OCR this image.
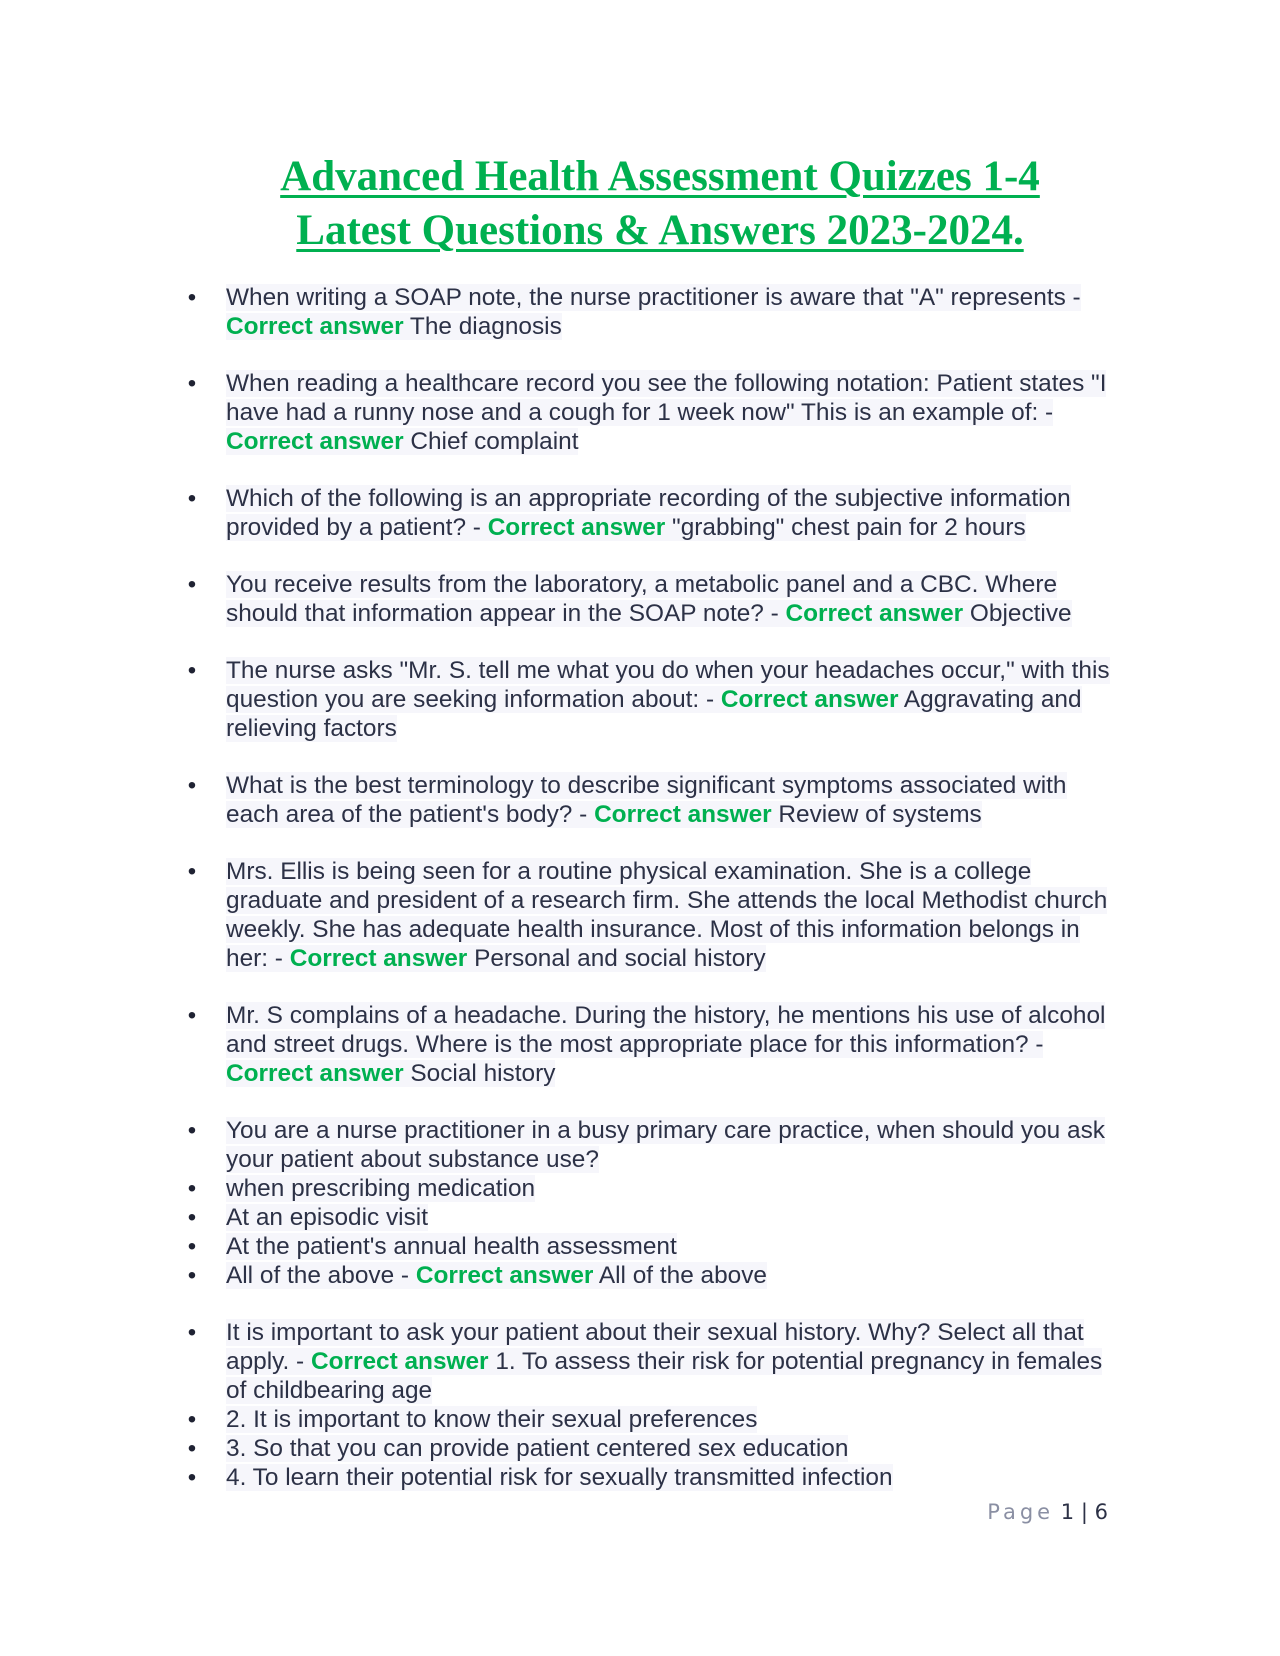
Advanced Health Assessment Quizzes 1-4
Latest Questions & Answers 2023-2024.
• When writing a SOAP note, the nurse practitioner is aware that "A" represents - Correct answer The diagnosis
• When reading a healthcare record you see the following notation: Patient states "I have had a runny nose and a cough for 1 week now" This is an example of: - Correct answer Chief complaint
• Which of the following is an appropriate recording of the subjective information provided by a patient? - Correct answer "grabbing" chest pain for 2 hours
• You receive results from the laboratory, a metabolic panel and a CBC. Where should that information appear in the SOAP note? - Correct answer Objective
• The nurse asks "Mr. S. tell me what you do when your headaches occur," with this question you are seeking information about: - Correct answer Aggravating and relieving factors
• What is the best terminology to describe significant symptoms associated with each area of the patient's body? - Correct answer Review of systems
• Mrs. Ellis is being seen for a routine physical examination. She is a college graduate and president of a research firm. She attends the local Methodist church weekly. She has adequate health insurance. Most of this information belongs in her: - Correct answer Personal and social history
• Mr. S complains of a headache. During the history, he mentions his use of alcohol and street drugs. Where is the most appropriate place for this information? - Correct answer Social history
• You are a nurse practitioner in a busy primary care practice, when should you ask your patient about substance use?
• when prescribing medication
• At an episodic visit
• At the patient's annual health assessment
• All of the above - Correct answer All of the above
• It is important to ask your patient about their sexual history. Why? Select all that apply. - Correct answer 1. To assess their risk for potential pregnancy in females of childbearing age
• 2. It is important to know their sexual preferences
• 3. So that you can provide patient centered sex education
• 4. To learn their potential risk for sexually transmitted infection
Page 1 | 6
